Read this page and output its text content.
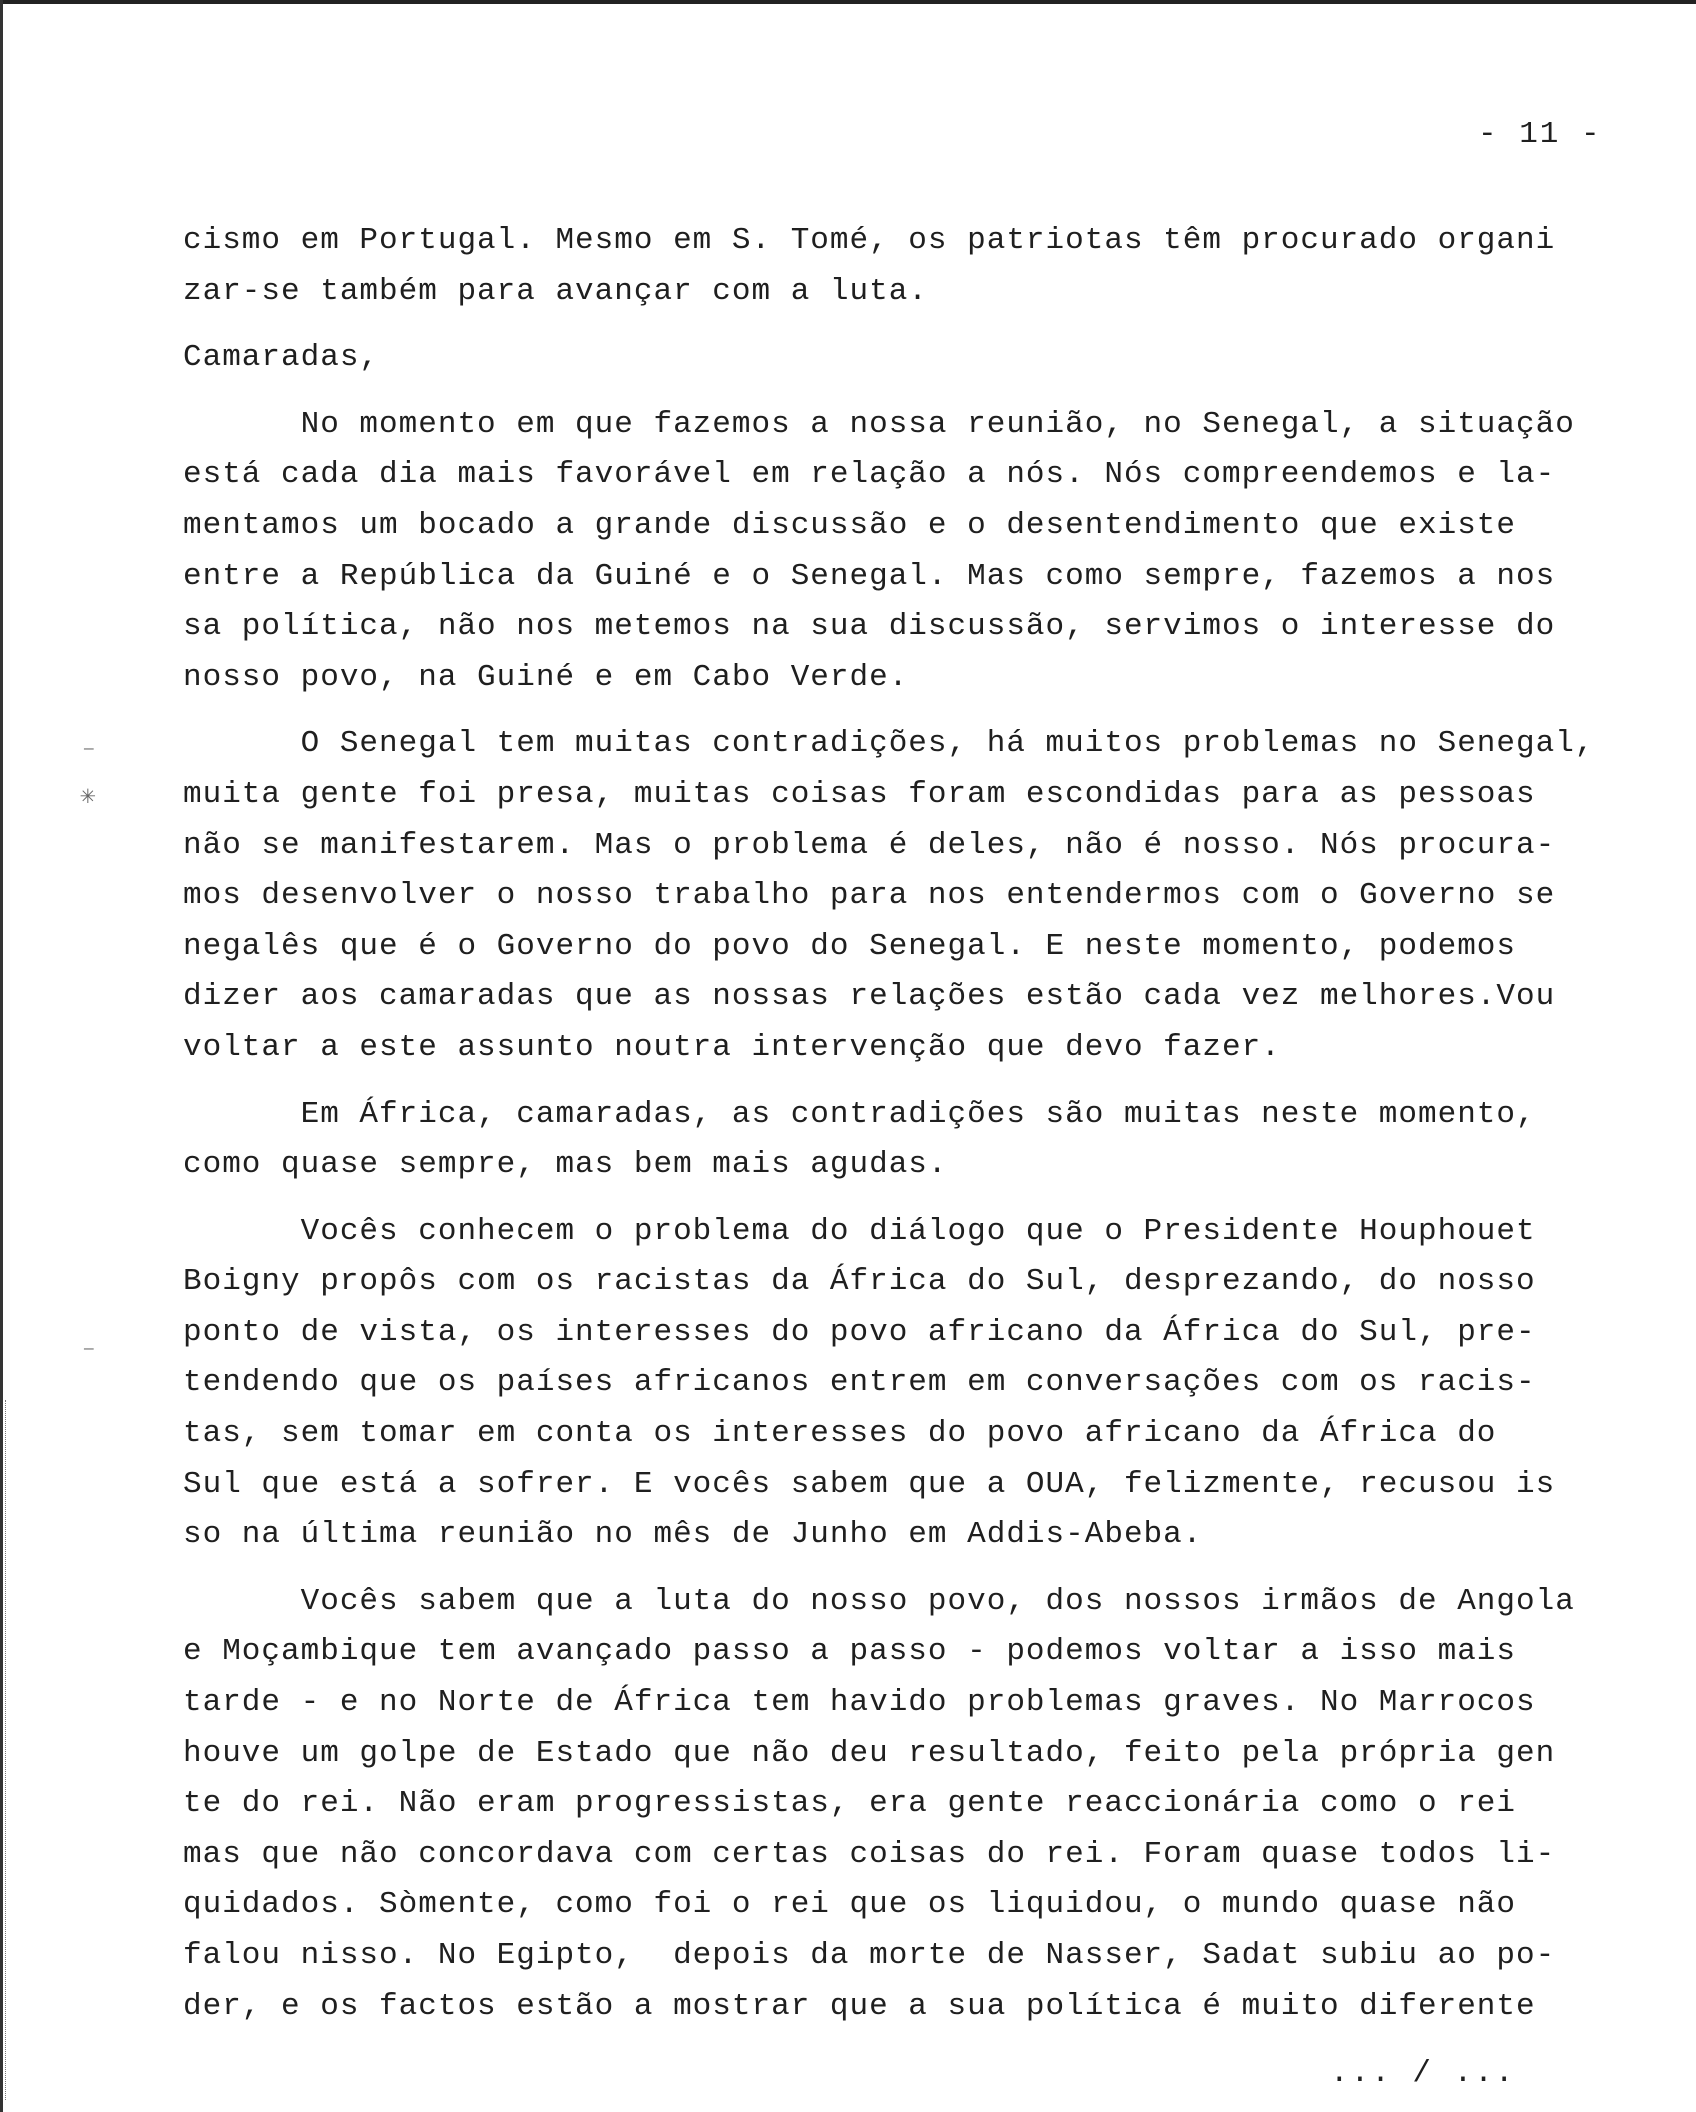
✳
—
—
- 11 -
cismo em Portugal. Mesmo em S. Tomé, os patriotas têm procurado organi
zar-se também para avançar com a luta.
Camaradas,
No momento em que fazemos a nossa reunião, no Senegal, a situação
está cada dia mais favorável em relação a nós. Nós compreendemos e la-
mentamos um bocado a grande discussão e o desentendimento que existe
entre a República da Guiné e o Senegal. Mas como sempre, fazemos a nos
sa política, não nos metemos na sua discussão, servimos o interesse do
nosso povo, na Guiné e em Cabo Verde.
O Senegal tem muitas contradições, há muitos problemas no Senegal,
muita gente foi presa, muitas coisas foram escondidas para as pessoas
não se manifestarem. Mas o problema é deles, não é nosso. Nós procura-
mos desenvolver o nosso trabalho para nos entendermos com o Governo se
negalês que é o Governo do povo do Senegal. E neste momento, podemos
dizer aos camaradas que as nossas relações estão cada vez melhores.Vou
voltar a este assunto noutra intervenção que devo fazer.
Em África, camaradas, as contradições são muitas neste momento,
como quase sempre, mas bem mais agudas.
Vocês conhecem o problema do diálogo que o Presidente Houphouet
Boigny propôs com os racistas da África do Sul, desprezando, do nosso
ponto de vista, os interesses do povo africano da África do Sul, pre-
tendendo que os países africanos entrem em conversações com os racis-
tas, sem tomar em conta os interesses do povo africano da África do
Sul que está a sofrer. E vocês sabem que a OUA, felizmente, recusou is
so na última reunião no mês de Junho em Addis-Abeba.
Vocês sabem que a luta do nosso povo, dos nossos irmãos de Angola
e Moçambique tem avançado passo a passo - podemos voltar a isso mais
tarde - e no Norte de África tem havido problemas graves. No Marrocos
houve um golpe de Estado que não deu resultado, feito pela própria gen
te do rei. Não eram progressistas, era gente reaccionária como o rei
mas que não concordava com certas coisas do rei. Foram quase todos li-
quidados. Sòmente, como foi o rei que os liquidou, o mundo quase não
falou nisso. No Egipto,  depois da morte de Nasser, Sadat subiu ao po-
der, e os factos estão a mostrar que a sua política é muito diferente
... / ...
